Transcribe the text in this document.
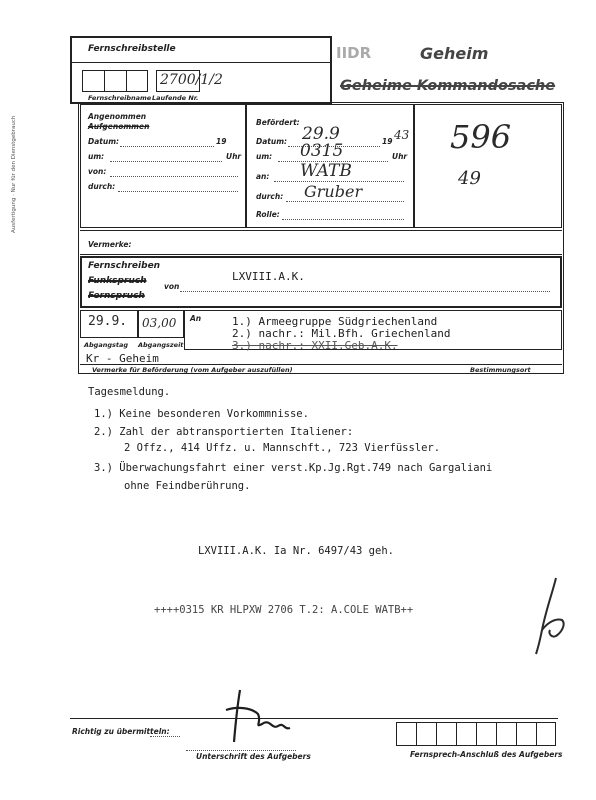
Ausfertigung · Nur für den Dienstgebrauch
Fernschreibstelle
2700/1/2
Fernschreibname Laufende Nr.
IIDR	Geheim
Geheime Kommandosache
Angenommen
Aufgenommen
Datum:	19
um:	Uhr
von:
durch:
Befördert:
Datum: 29.9	19 43
um: 0315	Uhr
an: WATB
durch: Gruber
Rolle:
596
49
Vermerke:
Fernschreiben
Funkspruch
Fernspruch
von
LXVIII.A.K.
29.9. 03,00
Abgangstag Abgangszeit
An	1.) Armeegruppe Südgriechenland
2.) nachr.: Mil.Bfh. Griechenland
3.) nachr.: XXII.Geb.A.K.
Kr - Geheim
Vermerke für Beförderung (vom Aufgeber auszufüllen)	Bestimmungsort
Tagesmeldung.
1.) Keine besonderen Vorkommnisse.
2.) Zahl der abtransportierten Italiener:
2 Offz., 414 Uffz. u. Mannschft., 723 Vierfüssler.
3.) Überwachungsfahrt einer verst.Kp.Jg.Rgt.749 nach Gargaliani
ohne Feindberührung.
LXVIII.A.K. Ia Nr. 6497/43 geh.
++++0315 KR HLPXW 2706 T.2: A.COLE WATB++
Richtig zu übermitteln:
Unterschrift des Aufgebers	Fernsprech-Anschluß des Aufgebers
